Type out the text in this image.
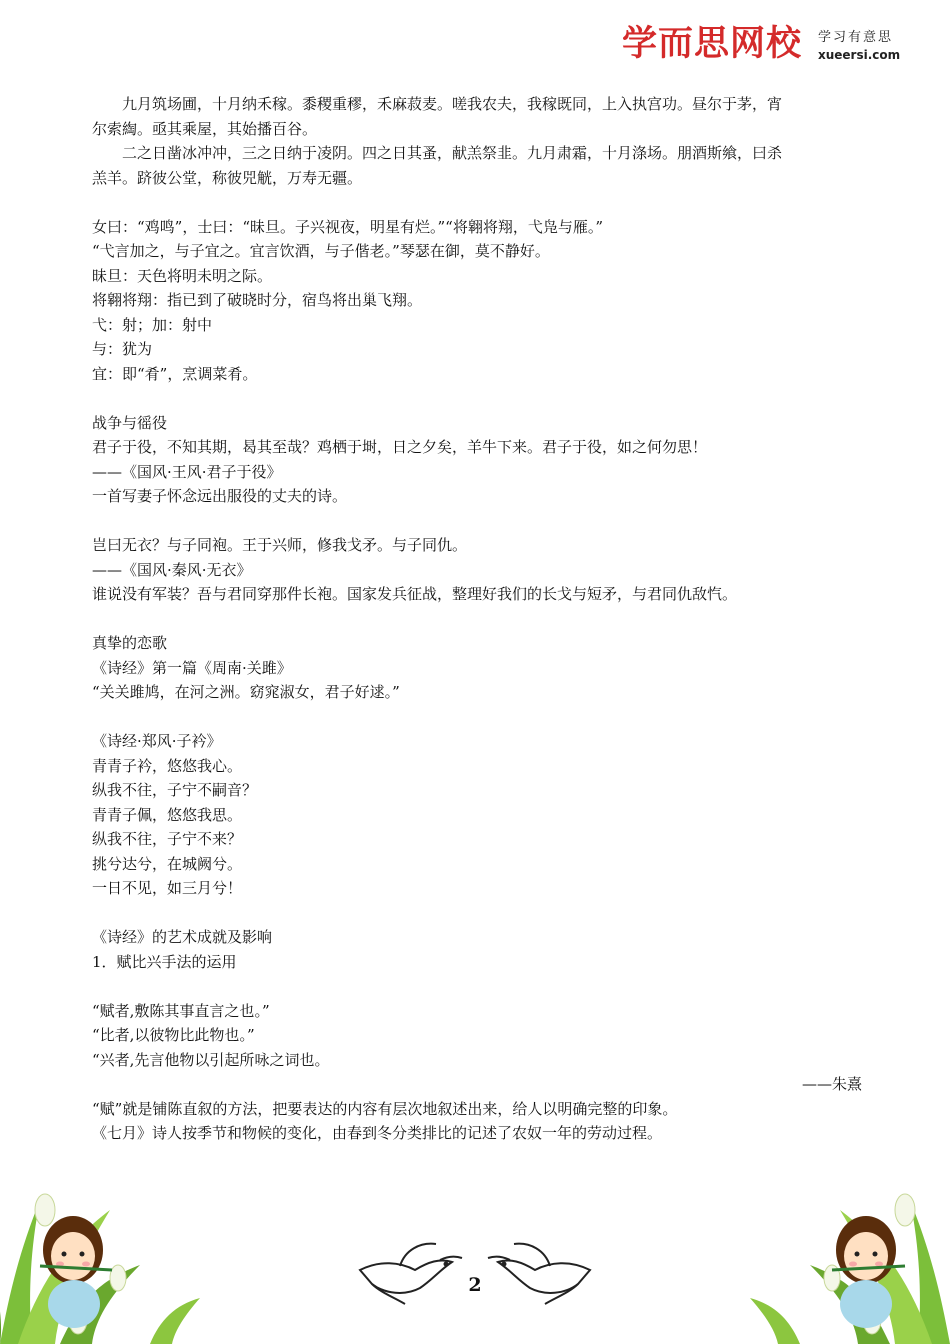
学而思网校 学习有意思
xueersi.com
九月筑场圃，十月纳禾稼。黍稷重穋，禾麻菽麦。嗟我农夫，我稼既同，上入执宫功。昼尔于茅，宵
尔索綯。亟其乘屋，其始播百谷。
二之日凿冰冲冲，三之日纳于凌阴。四之日其蚤，献羔祭韭。九月肃霜，十月涤场。朋酒斯飨，曰杀
羔羊。跻彼公堂，称彼兕觥，万寿无疆。
女曰：“鸡鸣”，士曰：“昧旦。子兴视夜，明星有烂。”“将翱将翔，弋凫与雁。”
“弋言加之，与子宜之。宜言饮酒，与子偕老。”琴瑟在御，莫不静好。
昧旦：天色将明未明之际。
将翱将翔：指已到了破晓时分，宿鸟将出巢飞翔。
弋：射；加：射中
与：犹为
宜：即“肴”，烹调菜肴。
战争与徭役
君子于役，不知其期，曷其至哉？鸡栖于埘，日之夕矣，羊牛下来。君子于役，如之何勿思！
——《国风·王风·君子于役》
一首写妻子怀念远出服役的丈夫的诗。
岂曰无衣？与子同袍。王于兴师，修我戈矛。与子同仇。
——《国风·秦风·无衣》
谁说没有军装？吾与君同穿那件长袍。国家发兵征战，整理好我们的长戈与短矛，与君同仇敌忾。
真挚的恋歌
《诗经》第一篇《周南·关雎》
“关关雎鸠，在河之洲。窈窕淑女，君子好逑。”
《诗经·郑风·子衿》
青青子衿，悠悠我心。
纵我不往，子宁不嗣音？
青青子佩，悠悠我思。
纵我不往，子宁不来？
挑兮达兮，在城阙兮。
一日不见，如三月兮！
《诗经》的艺术成就及影响
1．赋比兴手法的运用
“赋者,敷陈其事直言之也。”
“比者,以彼物比此物也。”
“兴者,先言他物以引起所咏之词也。
——朱熹
“赋”就是铺陈直叙的方法，把要表达的内容有层次地叙述出来，给人以明确完整的印象。
《七月》诗人按季节和物候的变化，由春到冬分类排比的记述了农奴一年的劳动过程。
2
